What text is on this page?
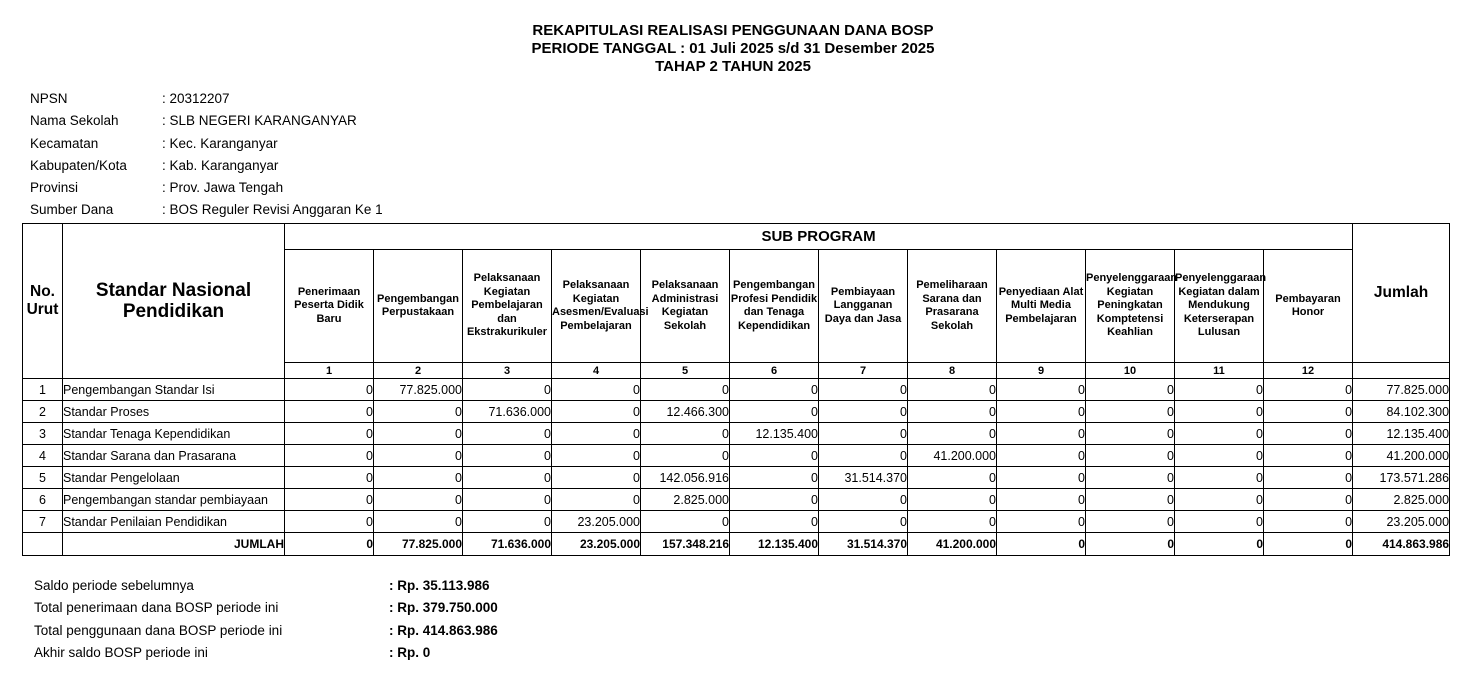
REKAPITULASI REALISASI PENGGUNAAN DANA BOSP
PERIODE TANGGAL : 01 Juli 2025 s/d 31 Desember 2025
TAHAP 2 TAHUN 2025
NPSN	: 20312207
Nama Sekolah	: SLB NEGERI KARANGANYAR
Kecamatan	: Kec. Karanganyar
Kabupaten/Kota	: Kab. Karanganyar
Provinsi	: Prov. Jawa Tengah
Sumber Dana	: BOS Reguler Revisi Anggaran Ke 1
No. Urut	Standar Nasional Pendidikan	SUB PROGRAM												Jumlah
		Penerimaan Peserta Didik Baru	Pengembangan Perpustakaan	Pelaksanaan Kegiatan Pembelajaran dan Ekstrakurikuler	Pelaksanaan Kegiatan Asesmen/Evaluasi Pembelajaran	Pelaksanaan Administrasi Kegiatan Sekolah	Pengembangan Profesi Pendidik dan Tenaga Kependidikan	Pembiayaan Langganan Daya dan Jasa	Pemeliharaan Sarana dan Prasarana Sekolah	Penyediaan Alat Multi Media Pembelajaran	Penyelenggaraan Kegiatan Peningkatan Komptetensi Keahlian	Penyelenggaraan Kegiatan dalam Mendukung Keterserapan Lulusan	Pembayaran Honor	
		1	2	3	4	5	6	7	8	9	10	11	12	
1	Pengembangan Standar Isi	0	77.825.000	0	0	0	0	0	0	0	0	0	0	77.825.000
2	Standar Proses	0	0	71.636.000	0	12.466.300	0	0	0	0	0	0	0	84.102.300
3	Standar Tenaga Kependidikan	0	0	0	0	0	12.135.400	0	0	0	0	0	0	12.135.400
4	Standar Sarana dan Prasarana	0	0	0	0	0	0	0	41.200.000	0	0	0	0	41.200.000
5	Standar Pengelolaan	0	0	0	0	142.056.916	0	31.514.370	0	0	0	0	0	173.571.286
6	Pengembangan standar pembiayaan	0	0	0	0	2.825.000	0	0	0	0	0	0	0	2.825.000
7	Standar Penilaian Pendidikan	0	0	0	23.205.000	0	0	0	0	0	0	0	0	23.205.000
	JUMLAH	0	77.825.000	71.636.000	23.205.000	157.348.216	12.135.400	31.514.370	41.200.000	0	0	0	0	414.863.986
Saldo periode sebelumnya	: Rp. 35.113.986
Total penerimaan dana BOSP periode ini	: Rp. 379.750.000
Total penggunaan dana BOSP periode ini	: Rp. 414.863.986
Akhir saldo BOSP periode ini	: Rp. 0
